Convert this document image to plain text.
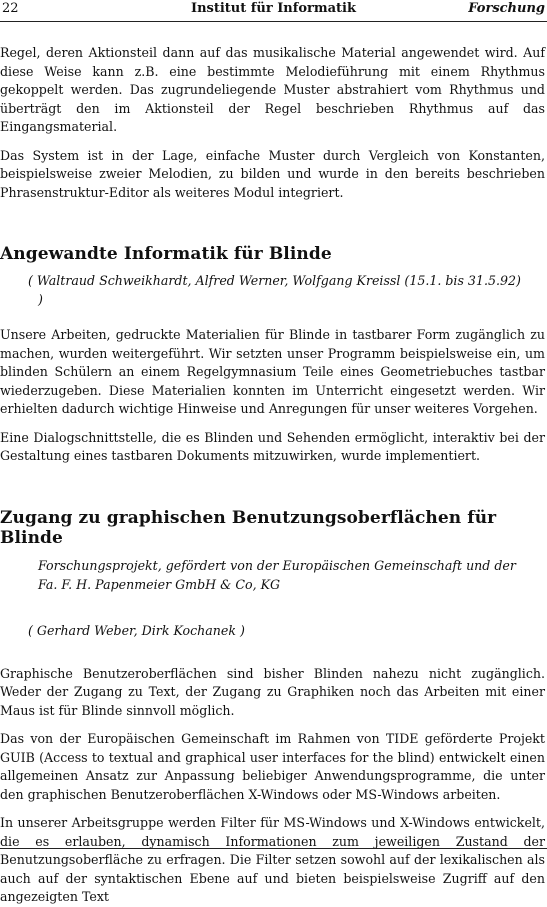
22	Institut für Informatik	Forschung

Regel, deren Aktionsteil dann auf das musikalische Material angewendet wird. Auf diese Weise kann z.B. eine bestimmte Melodieführung mit einem Rhythmus gekoppelt werden. Das zugrundeliegende Muster abstrahiert vom Rhythmus und überträgt den im Aktionsteil der Regel beschrieben Rhythmus auf das Eingangsmaterial.

Das System ist in der Lage, einfache Muster durch Vergleich von Konstanten, beispielsweise zweier Melodien, zu bilden und wurde in den bereits beschrieben Phrasenstruktur-Editor als weiteres Modul integriert.

Angewandte Informatik für Blinde
( Waltraud Schweikhardt, Alfred Werner, Wolfgang Kreissl (15.1. bis 31.5.92) )

Unsere Arbeiten, gedruckte Materialien für Blinde in tastbarer Form zugänglich zu machen, wurden weitergeführt. Wir setzten unser Programm beispielsweise ein, um blinden Schülern an einem Regelgymnasium Teile eines Geometriebuches tastbar wiederzugeben. Diese Materialien konnten im Unterricht eingesetzt werden. Wir erhielten dadurch wichtige Hinweise und Anregungen für unser weiteres Vorgehen.

Eine Dialogschnittstelle, die es Blinden und Sehenden ermöglicht, interaktiv bei der Gestaltung eines tastbaren Dokuments mitzuwirken, wurde implementiert.

Zugang zu graphischen Benutzungsoberflächen für Blinde
Forschungsprojekt, gefördert von der Europäischen Gemeinschaft und der
Fa. F. H. Papenmeier GmbH & Co, KG
( Gerhard Weber, Dirk Kochanek )

Graphische Benutzeroberflächen sind bisher Blinden nahezu nicht zugänglich. Weder der Zugang zu Text, der Zugang zu Graphiken noch das Arbeiten mit einer Maus ist für Blinde sinnvoll möglich.

Das von der Europäischen Gemeinschaft im Rahmen von TIDE geförderte Projekt GUIB (Access to textual and graphical user interfaces for the blind) entwickelt einen allgemeinen Ansatz zur Anpassung beliebiger Anwendungsprogramme, die unter den graphischen Benutzeroberflächen X-Windows oder MS-Windows arbeiten.

In unserer Arbeitsgruppe werden Filter für MS-Windows und X-Windows entwickelt, die es erlauben, dynamisch Informationen zum jeweiligen Zustand der Benutzungsoberfläche zu erfragen. Die Filter setzen sowohl auf der lexikalischen als auch auf der syntaktischen Ebene auf und bieten beispielsweise Zugriff auf den angezeigten Text
